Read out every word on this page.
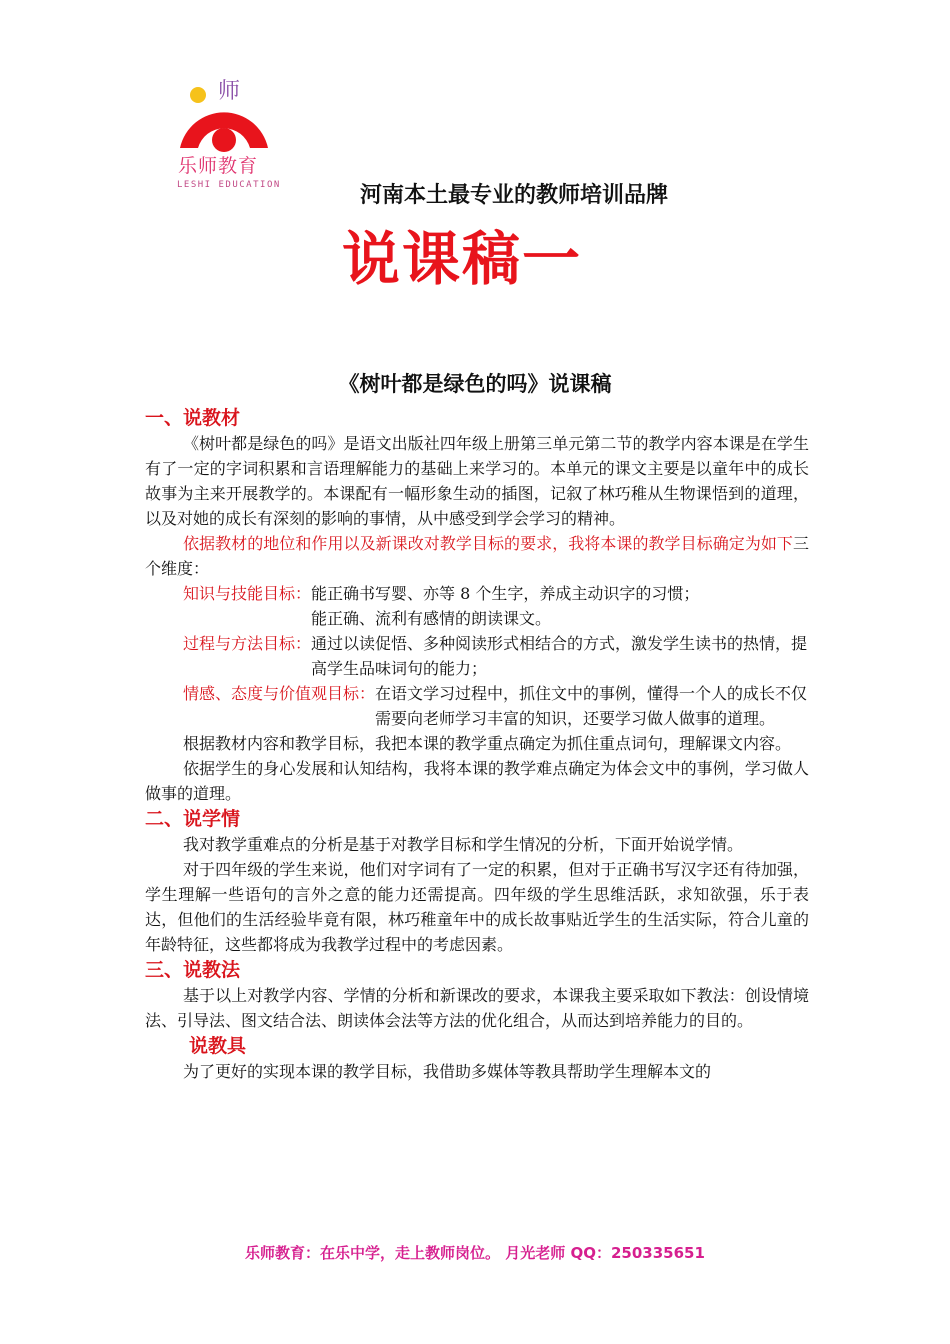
师
乐师教育
LESHI EDUCATION	河南本土最专业的教师培训品牌
说课稿一
《树叶都是绿色的吗》说课稿
一、说教材

《树叶都是绿色的吗》是语文出版社四年级上册第三单元第二节的教学内容本课是在学生有了一定的字词积累和言语理解能力的基础上来学习的。本单元的课文主要是以童年中的成长故事为主来开展教学的。本课配有一幅形象生动的插图，记叙了林巧稚从生物课悟到的道理，以及对她的成长有深刻的影响的事情，从中感受到学会学习的精神。

依据教材的地位和作用以及新课改对教学目标的要求，我将本课的教学目标确定为如下三个维度：

知识与技能目标： 能正确书写婴、亦等 8 个生字，养成主动识字的习惯；
能正确、流利有感情的朗读课文。
过程与方法目标： 通过以读促悟、多种阅读形式相结合的方式，激发学生读书的热情，提高学生品味词句的能力；
情感、态度与价值观目标： 在语文学习过程中，抓住文中的事例，懂得一个人的成长不仅需要向老师学习丰富的知识，还要学习做人做事的道理。

根据教材内容和教学目标，我把本课的教学重点确定为抓住重点词句，理解课文内容。

依据学生的身心发展和认知结构，我将本课的教学难点确定为体会文中的事例，学习做人做事的道理。

二、说学情

我对教学重难点的分析是基于对教学目标和学生情况的分析，下面开始说学情。

对于四年级的学生来说，他们对字词有了一定的积累，但对于正确书写汉字还有待加强，学生理解一些语句的言外之意的能力还需提高。四年级的学生思维活跃，求知欲强，乐于表达，但他们的生活经验毕竟有限，林巧稚童年中的成长故事贴近学生的生活实际，符合儿童的年龄特征，这些都将成为我教学过程中的考虑因素。

三、说教法

基于以上对教学内容、学情的分析和新课改的要求，本课我主要采取如下教法：创设情境法、引导法、图文结合法、朗读体会法等方法的优化组合，从而达到培养能力的目的。

说教具

为了更好的实现本课的教学目标，我借助多媒体等教具帮助学生理解本文的

乐师教育：在乐中学，走上教师岗位。 月光老师 QQ：250335651
